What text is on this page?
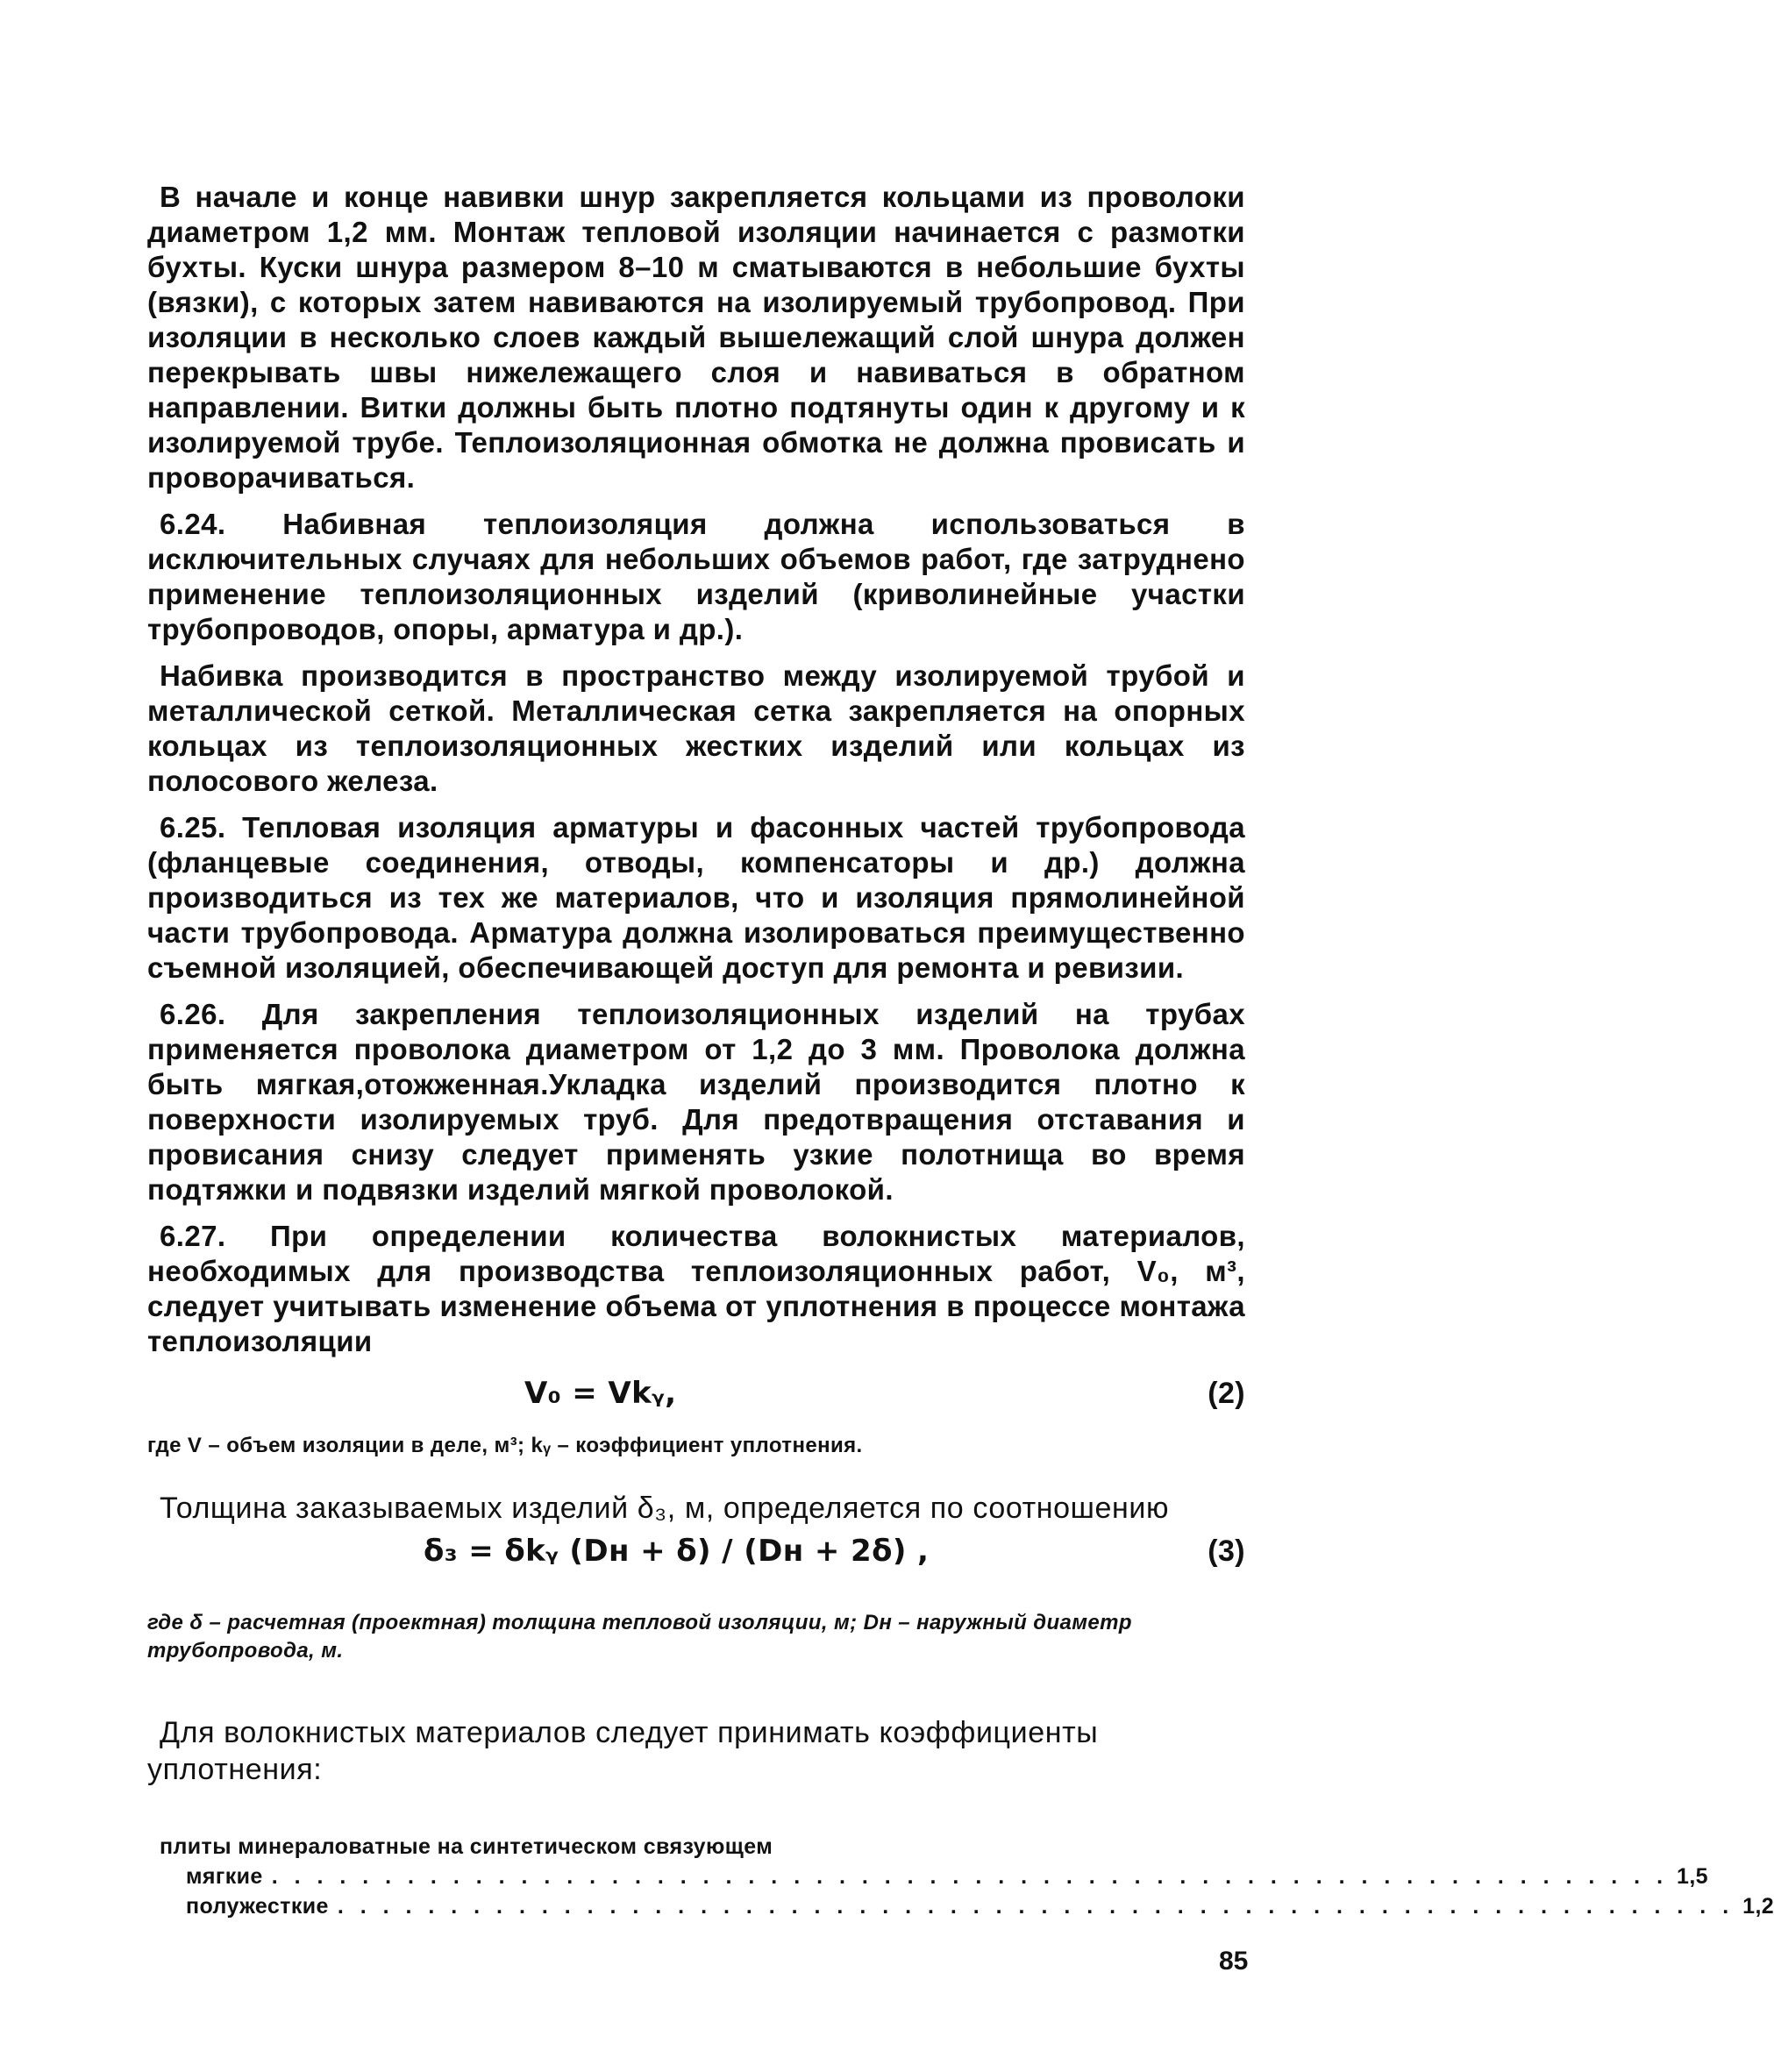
В начале и конце навивки шнур закрепляется кольцами из проволоки диаметром 1,2 мм. Монтаж тепловой изоляции начинается с размотки бухты. Куски шнура размером 8–10 м сматываются в небольшие бухты (вязки), с которых затем навиваются на изолируемый трубопровод. При изоляции в несколько слоев каждый вышележащий слой шнура должен перекрывать швы нижележащего слоя и навиваться в обратном направлении. Витки должны быть плотно подтянуты один к другому и к изолируемой трубе. Теплоизоляционная обмотка не должна провисать и проворачиваться.

6.24. Набивная теплоизоляция должна использоваться в исключительных случаях для небольших объемов работ, где затруднено применение теплоизоляционных изделий (криволинейные участки трубопроводов, опоры, арматура и др.).

Набивка производится в пространство между изолируемой трубой и металлической сеткой. Металлическая сетка закрепляется на опорных кольцах из теплоизоляционных жестких изделий или кольцах из полосового железа.

6.25. Тепловая изоляция арматуры и фасонных частей трубопровода (фланцевые соединения, отводы, компенсаторы и др.) должна производиться из тех же материалов, что и изоляция прямолинейной части трубопровода. Арматура должна изолироваться преимущественно съемной изоляцией, обеспечивающей доступ для ремонта и ревизии.

6.26. Для закрепления теплоизоляционных изделий на трубах применяется проволока диаметром от 1,2 до 3 мм. Проволока должна быть мягкая,отожженная.Укладка изделий производится плотно к поверхности изолируемых труб. Для предотвращения отставания и провисания снизу следует применять узкие полотнища во время подтяжки и подвязки изделий мягкой проволокой.

6.27. При определении количества волокнистых материалов, необходимых для производства теплоизоляционных работ, V₀, м³, следует учитывать изменение объема от уплотнения в процессе монтажа теплоизоляции

V₀ = Vkᵧ,	(2)
где V – объем изоляции в деле, м³; kᵧ – коэффициент уплотнения.
Толщина заказываемых изделий δ₃, м, определяется по соотношению
δ₃ = δkᵧ (Dн + δ) / (Dн + 2δ) ,	(3)
где δ – расчетная (проектная) толщина тепловой изоляции, м; Dн – наружный диаметр трубопровода, м.
Для волокнистых материалов следует принимать коэффициенты уплотнения:
плиты минераловатные на синтетическом связующем
мягкие . . . . . . . . . . . . . . . . . . . . . . . . . . . . . . . . . . . . . . . . . . . . . . . . . . . . . . . . . . . . . . 1,5
полужесткие . . . . . . . . . . . . . . . . . . . . . . . . . . . . . . . . . . . . . . . . . . . . . . . . . . . . . . . . . . . . . . 1,2
85
